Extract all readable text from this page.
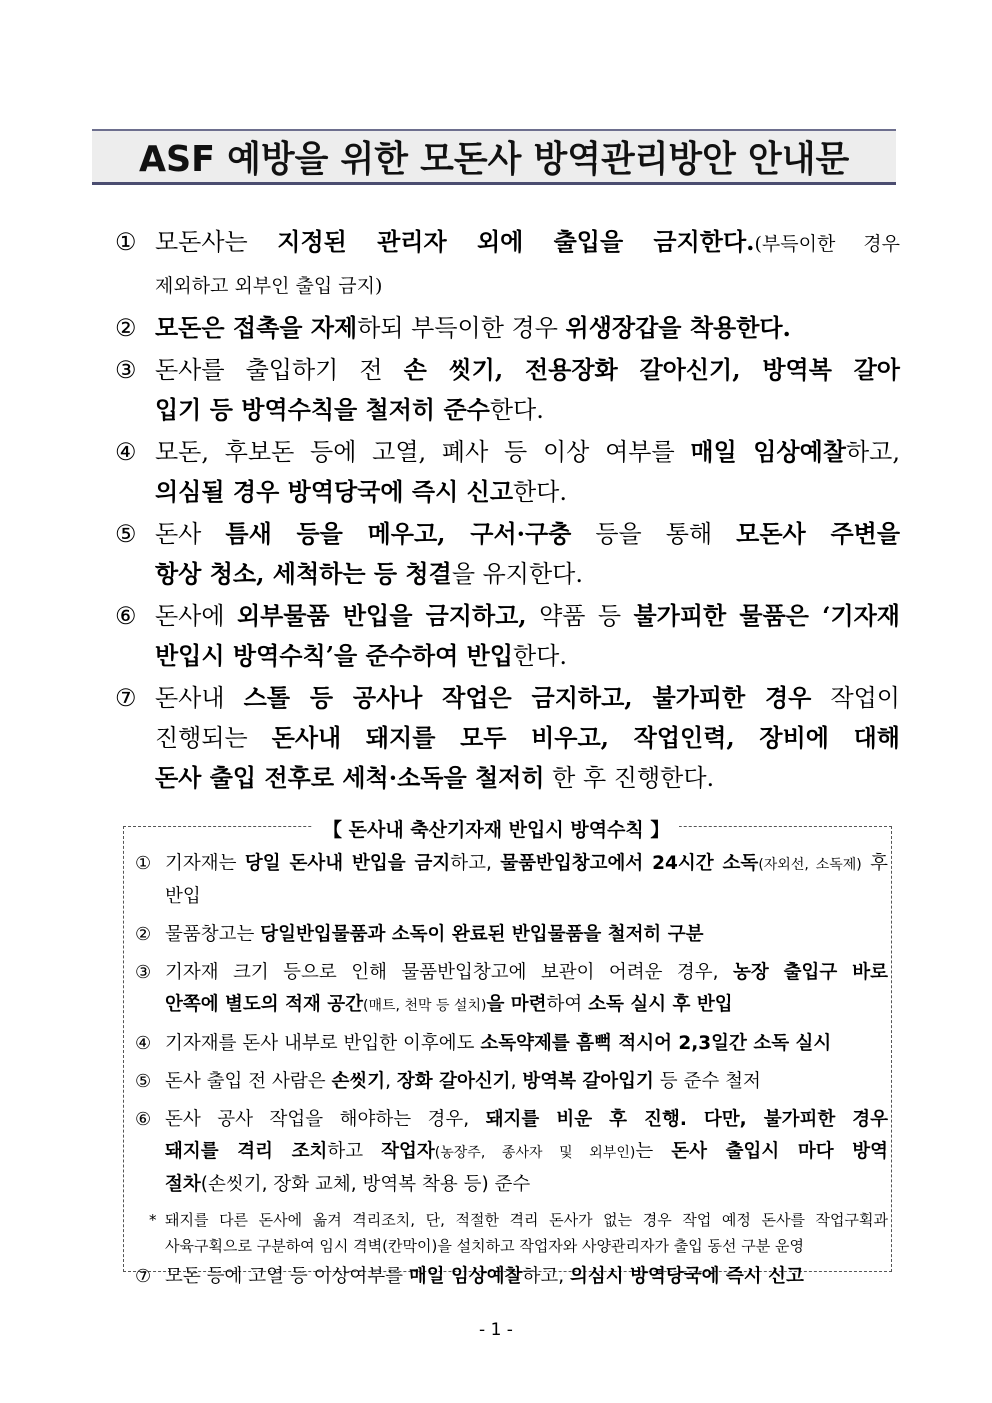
ASF 예방을 위한 모돈사 방역관리방안 안내문
① 모돈사는 지정된 관리자 외에 출입을 금지한다.(부득이한 경우

제외하고 외부인 출입 금지)

② 모돈은 접촉을 자제하되 부득이한 경우 위생장갑을 착용한다.

③ 돈사를 출입하기 전 손 씻기, 전용장화 갈아신기, 방역복 갈아

입기 등 방역수칙을 철저히 준수한다.

④ 모돈, 후보돈 등에 고열, 폐사 등 이상 여부를 매일 임상예찰하고,

의심될 경우 방역당국에 즉시 신고한다.

⑤ 돈사 틈새 등을 메우고, 구서·구충 등을 통해 모돈사 주변을

항상 청소, 세척하는 등 청결을 유지한다.

⑥ 돈사에 외부물품 반입을 금지하고, 약품 등 불가피한 물품은 ‘기자재

반입시 방역수칙’을 준수하여 반입한다.

⑦ 돈사내 스톨 등 공사나 작업은 금지하고, 불가피한 경우 작업이

진행되는 돈사내 돼지를 모두 비우고, 작업인력, 장비에 대해

돈사 출입 전후로 세척·소독을 철저히 한 후 진행한다.

【 돈사내 축산기자재 반입시 방역수칙 】
① 기자재는 당일 돈사내 반입을 금지하고, 물품반입창고에서 24시간 소독(자외선, 소독제) 후 반입

② 물품창고는 당일반입물품과 소독이 완료된 반입물품을 철저히 구분

③ 기자재 크기 등으로 인해 물품반입창고에 보관이 어려운 경우, 농장 출입구 바로

안쪽에 별도의 적재 공간(매트, 천막 등 설치)을 마련하여 소독 실시 후 반입

④ 기자재를 돈사 내부로 반입한 이후에도 소독약제를 흠뻑 적시어 2,3일간 소독 실시

⑤ 돈사 출입 전 사람은 손씻기, 장화 갈아신기, 방역복 갈아입기 등 준수 철저

⑥ 돈사 공사 작업을 해야하는 경우, 돼지를 비운 후 진행. 다만, 불가피한 경우

돼지를 격리 조치하고 작업자(농장주, 종사자 및 외부인)는 돈사 출입시 마다 방역

절차(손씻기, 장화 교체, 방역복 착용 등) 준수

* 돼지를 다른 돈사에 옮겨 격리조치, 단, 적절한 격리 돈사가 없는 경우 작업 예정 돈사를 작업구획과

사육구획으로 구분하여 임시 격벽(칸막이)을 설치하고 작업자와 사양관리자가 출입 동선 구분 운영

⑦ 모돈 등에 고열 등 이상여부를 매일 임상예찰하고, 의심시 방역당국에 즉시 신고

- 1 -
